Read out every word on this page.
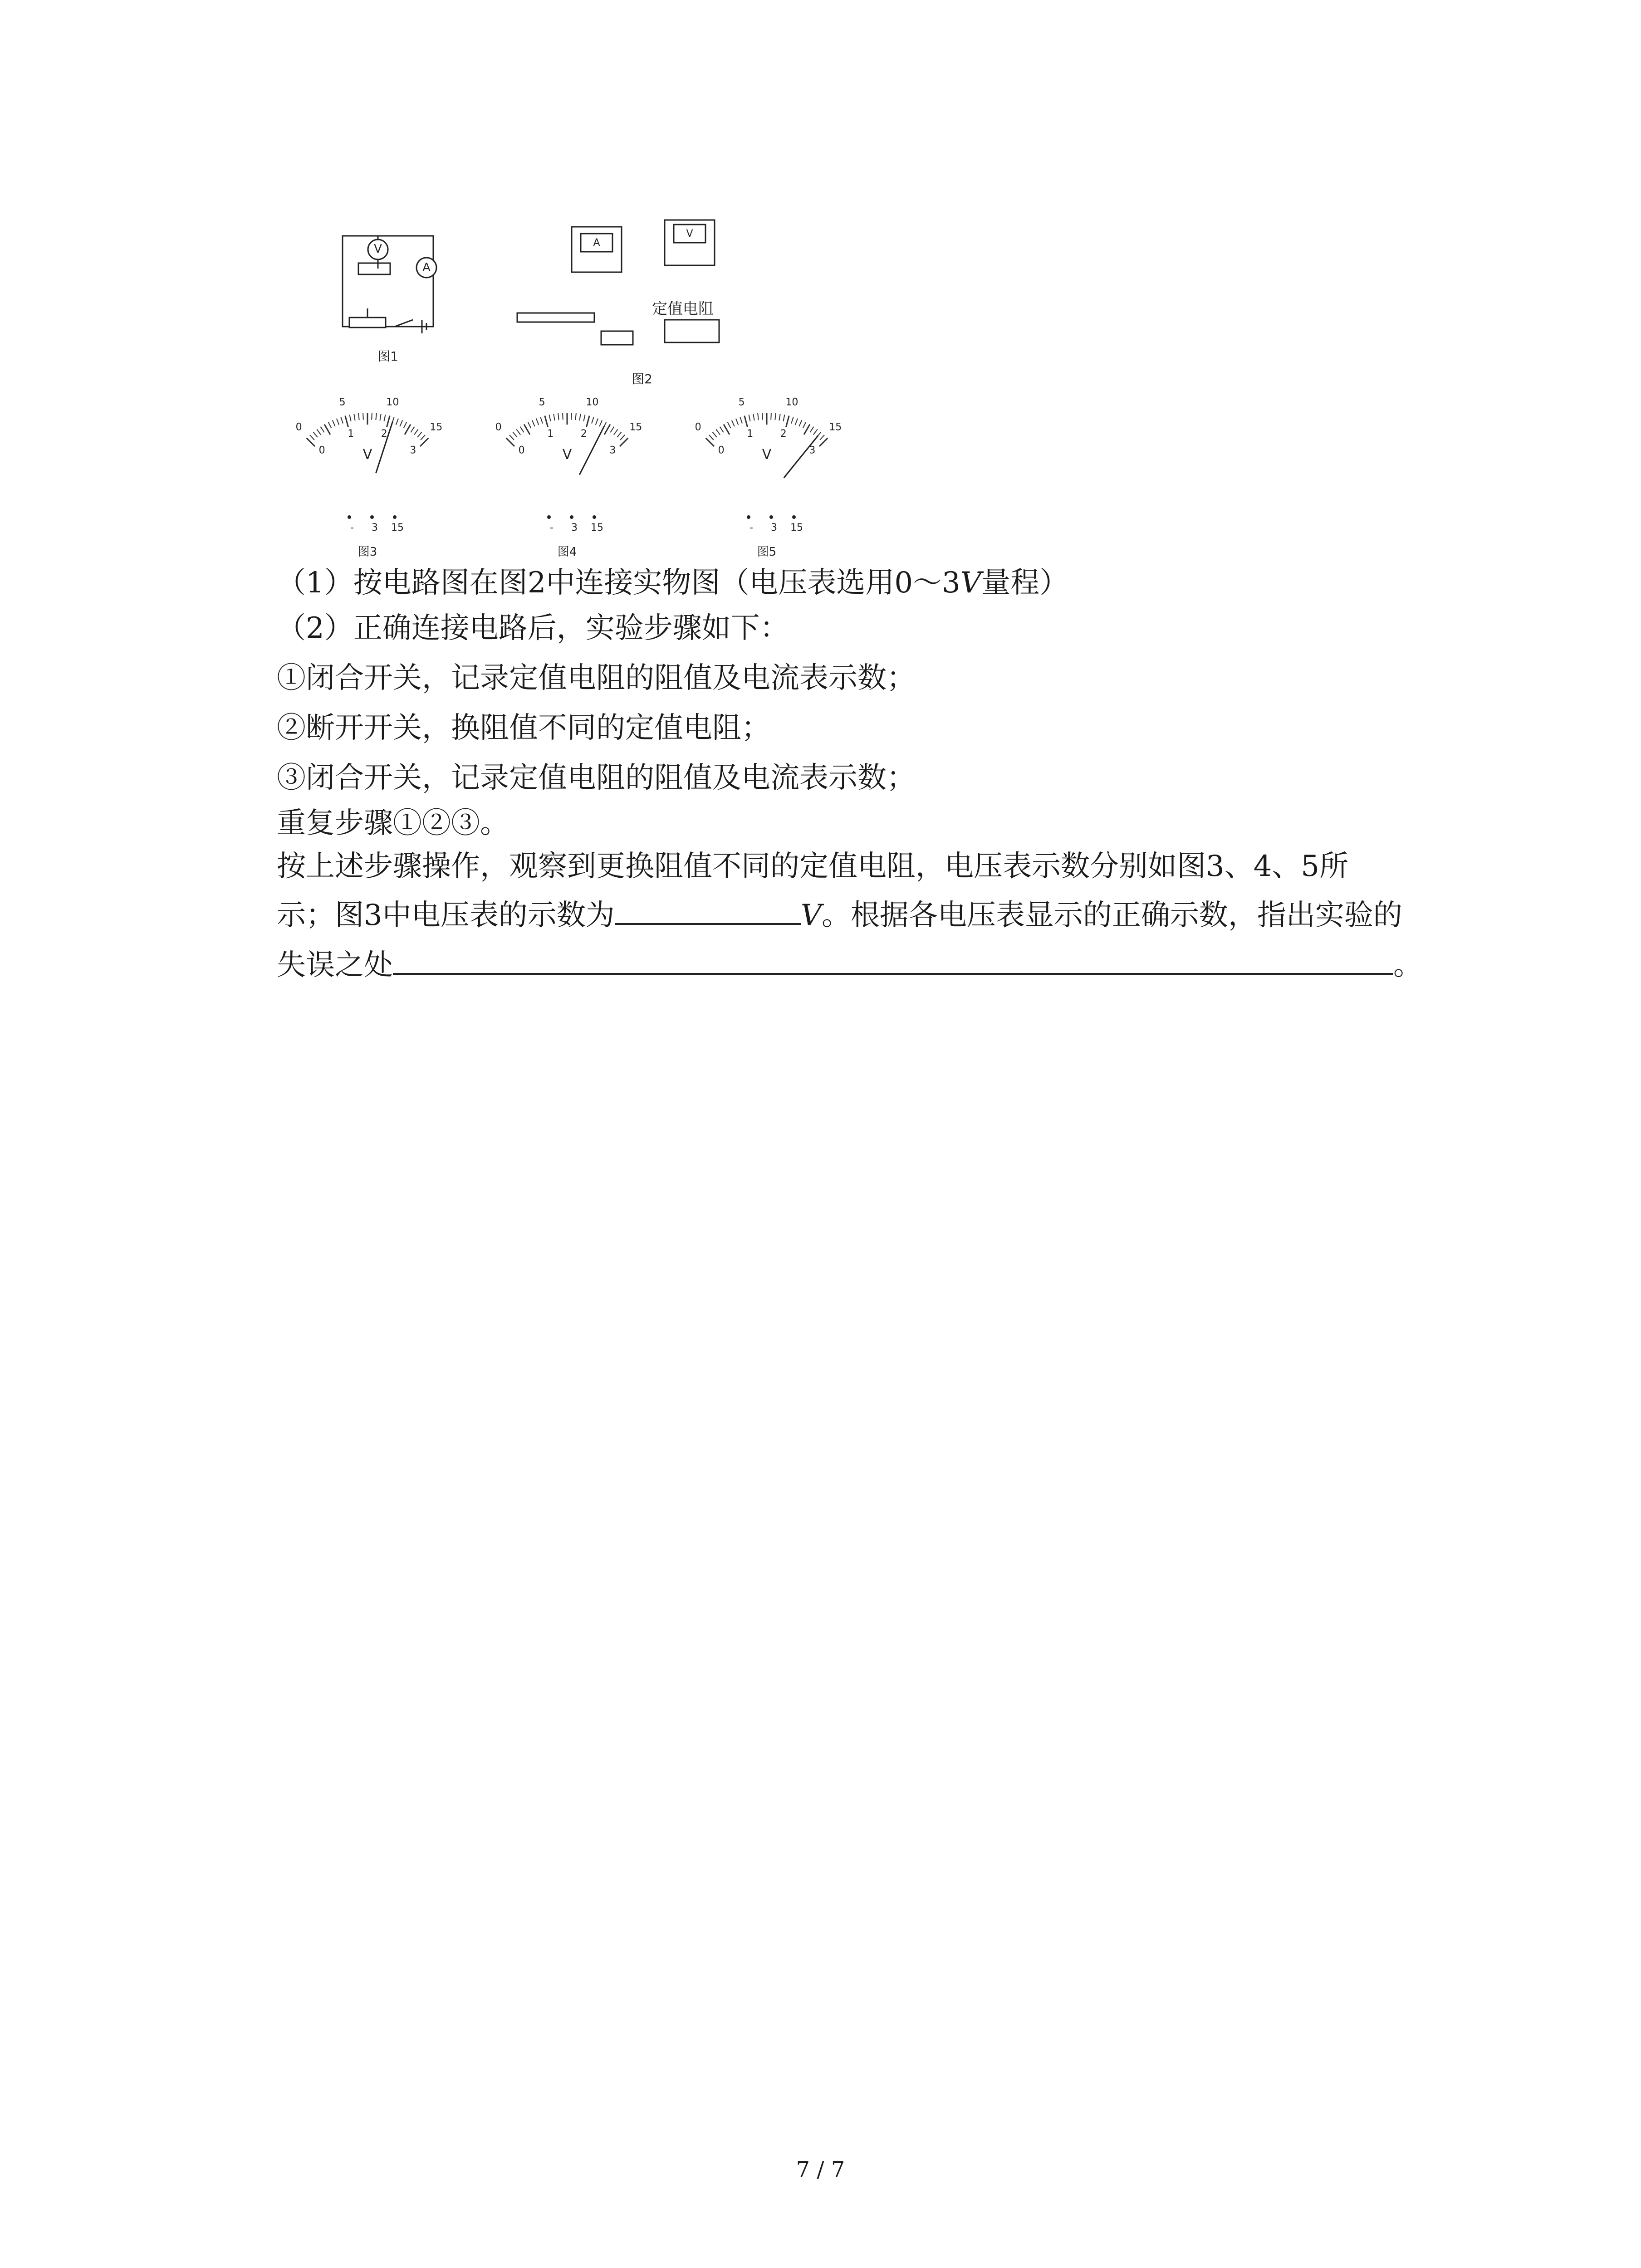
V
A
图1
A
V
定值电阻
图2
0
5	10
15
0
1	2
3
V
- 3 15
图3
0
5	10
15
0
1	2
3
V
- 3 15
图4
0
5	10
15
0
1	2
3
V
- 3 15
图5
（1）按电路图在图2中连接实物图（电压表选用0～3V量程）
（2）正确连接电路后，实验步骤如下：
①闭合开关，记录定值电阻的阻值及电流表示数；
②断开开关，换阻值不同的定值电阻；
③闭合开关，记录定值电阻的阻值及电流表示数；
重复步骤①②③。
按上述步骤操作，观察到更换阻值不同的定值电阻，电压表示数分别如图3、4、5所
示；图3中电压表的示数为	V。根据各电压表显示的正确示数，指出实验的
失误之处	。
7 / 7
